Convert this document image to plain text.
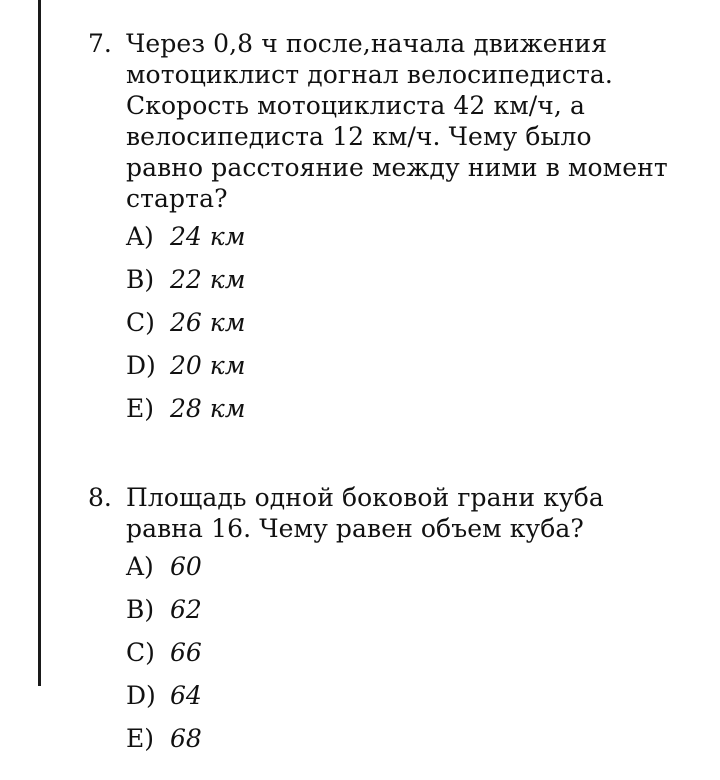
7. Через 0,8 ч после,начала движения
мотоциклист догнал велосипедиста.
Скорость мотоциклиста 42 км/ч, а
велосипедиста 12 км/ч. Чему было
равно расстояние между ними в момент
старта?
A) 24 км
B) 22 км
C) 26 км
D) 20 км
E) 28 км
8. Площадь одной боковой грани куба
равна 16. Чему равен объем куба?
A) 60
B) 62
C) 66
D) 64
E) 68
